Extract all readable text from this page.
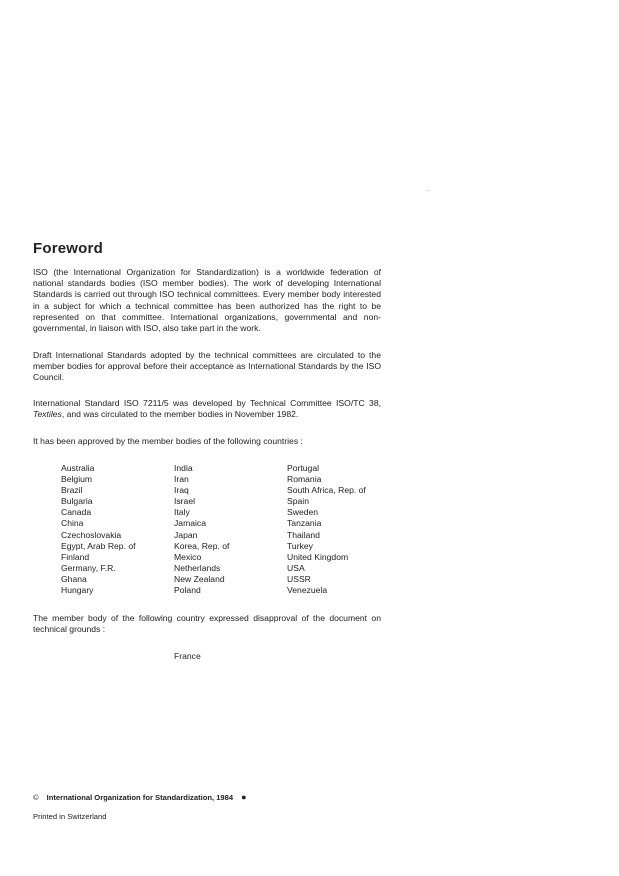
Foreword

ISO (the International Organization for Standardization) is a worldwide federation of national standards bodies (ISO member bodies). The work of developing International Standards is carried out through ISO technical committees. Every member body interested in a subject for which a technical committee has been authorized has the right to be represented on that committee. International organizations, governmental and non-governmental, in liaison with ISO, also take part in the work.

Draft International Standards adopted by the technical committees are circulated to the member bodies for approval before their acceptance as International Standards by the ISO Council.

International Standard ISO 7211/5 was developed by Technical Committee ISO/TC 38, Textiles, and was circulated to the member bodies in November 1982.

It has been approved by the member bodies of the following countries :

Australia
Belgium
Brazil
Bulgaria
Canada
China
Czechoslovakia
Egypt, Arab Rep. of
Finland
Germany, F.R.
Ghana
Hungary
India
Iran
Iraq
Israel
Italy
Jamaica
Japan
Korea, Rep. of
Mexico
Netherlands
New Zealand
Poland
Portugal
Romania
South Africa, Rep. of
Spain
Sweden
Tanzania
Thailand
Turkey
United Kingdom
USA
USSR
Venezuela

The member body of the following country expressed disapproval of the document on technical grounds :

France

© International Organization for Standardization, 1984 ●

Printed in Switzerland
